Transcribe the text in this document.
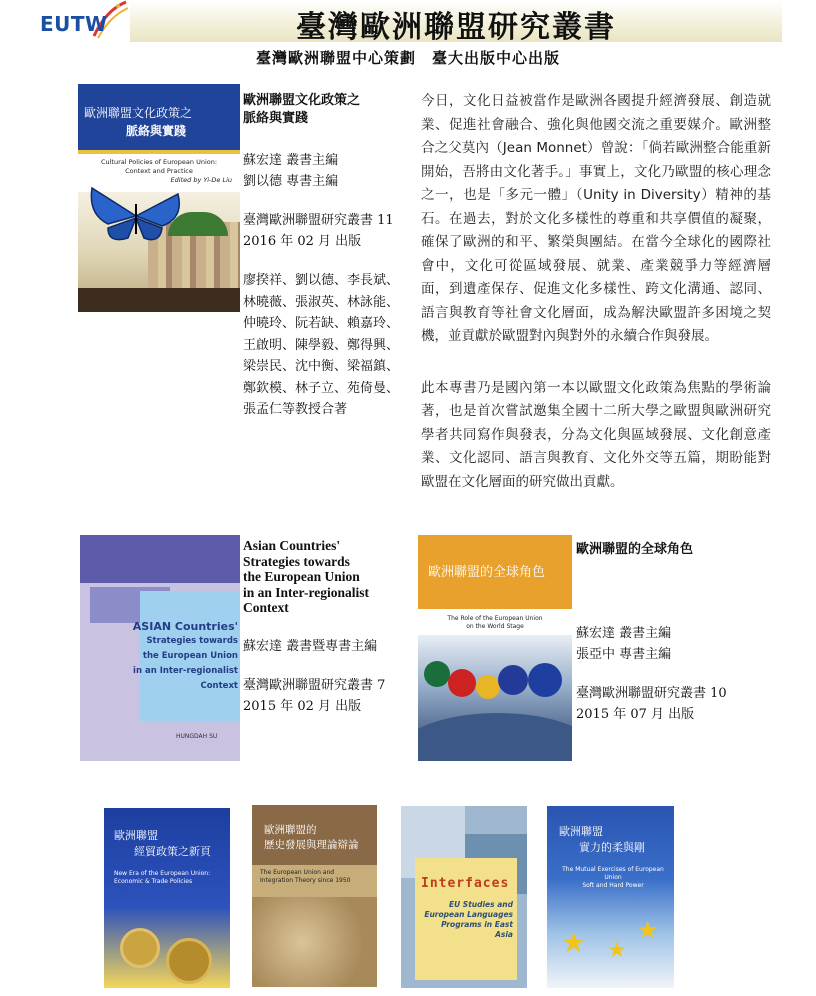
EUTW	臺灣歐洲聯盟研究叢書
臺灣歐洲聯盟中心策劃　臺大出版中心出版
歐洲聯盟文化政策之
脈絡與實踐
Cultural Policies of European Union:
Context and Practice
Edited by Yi-De Liu
歐洲聯盟文化政策之
脈絡與實踐
蘇宏達 叢書主編
劉以德 專書主編
臺灣歐洲聯盟研究叢書 11
2016 年 02 月 出版
廖揆祥、劉以德、李長斌、
林曉薇、張淑英、林詠能、
仲曉玲、阮若缺、賴嘉玲、
王啟明、陳學毅、鄭得興、
梁崇民、沈中衡、梁福鎮、
鄭欽模、林子立、苑倚曼、
張孟仁等教授合著

今日，文化日益被當作是歐洲各國提升經濟發展、創造就業、促進社會融合、強化與他國交流之重要媒介。歐洲整合之父莫內（Jean Monnet）曾說：「倘若歐洲整合能重新開始，吾將由文化著手。」事實上，文化乃歐盟的核心理念之一，也是「多元一體」（Unity in Diversity）精神的基石。在過去，對於文化多樣性的尊重和共享價值的凝聚，確保了歐洲的和平、繁榮與團結。在當今全球化的國際社會中，文化可從區域發展、就業、產業競爭力等經濟層面，到遺產保存、促進文化多樣性、跨文化溝通、認同、語言與教育等社會文化層面，成為解決歐盟許多困境之契機，並貢獻於歐盟對內與對外的永續合作與發展。

此本專書乃是國內第一本以歐盟文化政策為焦點的學術論著，也是首次嘗試邀集全國十二所大學之歐盟與歐洲研究學者共同寫作與發表，分為文化與區域發展、文化創意產業、文化認同、語言與教育、文化外交等五篇，期盼能對歐盟在文化層面的研究做出貢獻。

ASIAN Countries'
Strategies towards
the European Union
in an Inter-regionalist
Context
HUNGDAH SU
Asian Countries'
Strategies towards
the European Union
in an Inter-regionalist
Context
蘇宏達 叢書暨專書主編
臺灣歐洲聯盟研究叢書 7
2015 年 02 月 出版
歐洲聯盟的全球角色
The Role of the European Union
on the World Stage
歐洲聯盟的全球角色
蘇宏達 叢書主編
張亞中 專書主編
臺灣歐洲聯盟研究叢書 10
2015 年 07 月 出版
歐洲聯盟
經貿政策之新頁
New Era of the European Union:
Economic & Trade Policies
歐洲聯盟的
歷史發展與理論辯論
The European Union and
Integration Theory since 1950	Interfaces
EU Studies and
European Languages
Programs in East Asia
歐洲聯盟
實力的柔與剛
The Mutual Exercises of European Union
Soft and Hard Power
★ ★
★
